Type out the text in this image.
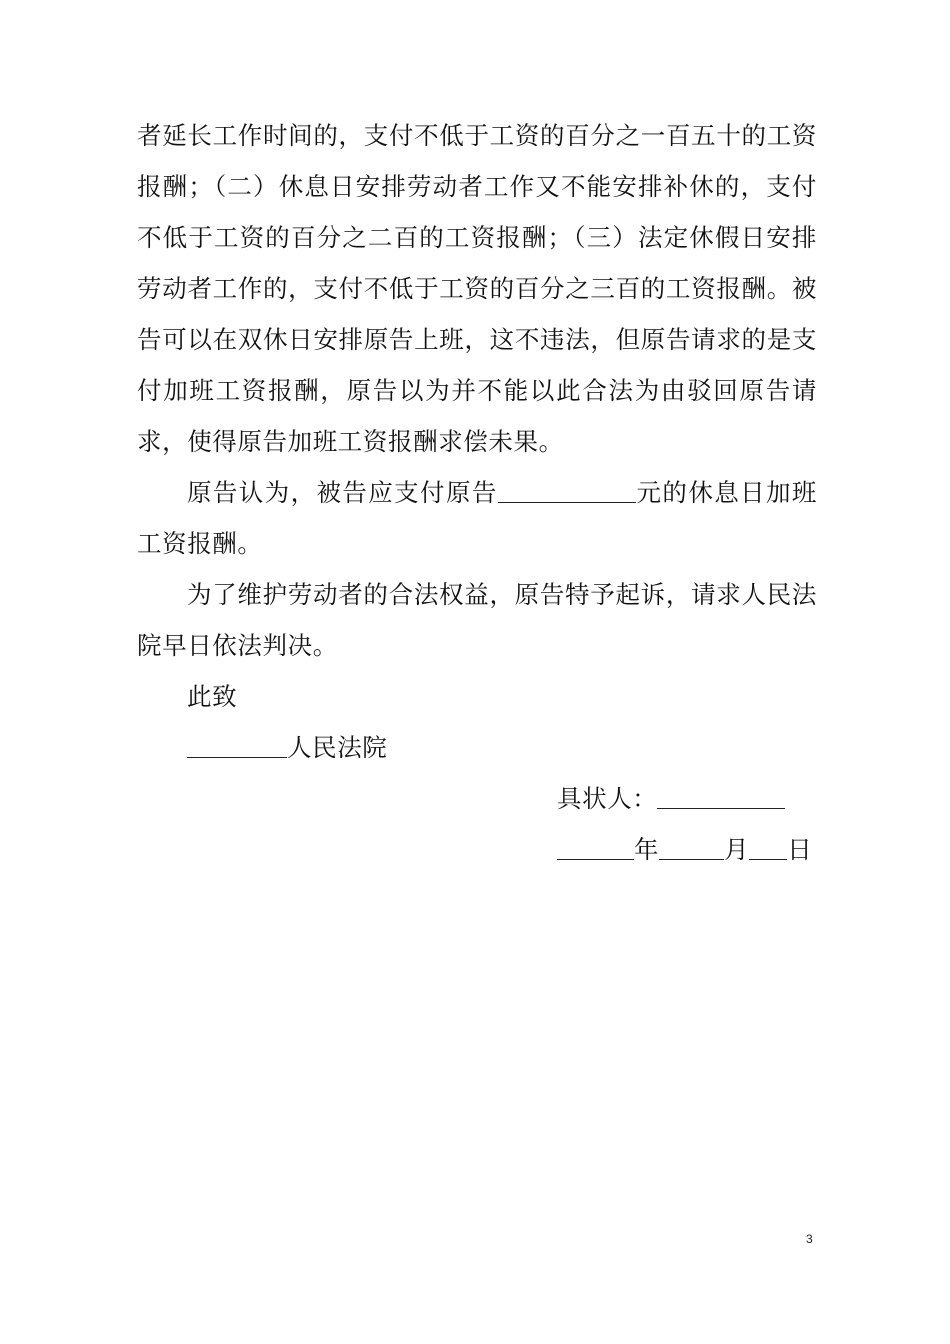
者延长工作时间的，支付不低于工资的百分之一百五十的工资报酬；（二）休息日安排劳动者工作又不能安排补休的，支付不低于工资的百分之二百的工资报酬；（三）法定休假日安排劳动者工作的，支付不低于工资的百分之三百的工资报酬。被告可以在双休日安排原告上班，这不违法，但原告请求的是支付加班工资报酬，原告以为并不能以此合法为由驳回原告请求，使得原告加班工资报酬求偿未果。
原告认为，被告应支付原告	元的休息日加班工资报酬。
为了维护劳动者的合法权益，原告特予起诉，请求人民法院早日依法判决。
此致
人民法院
具状人：
年	月 日
3
